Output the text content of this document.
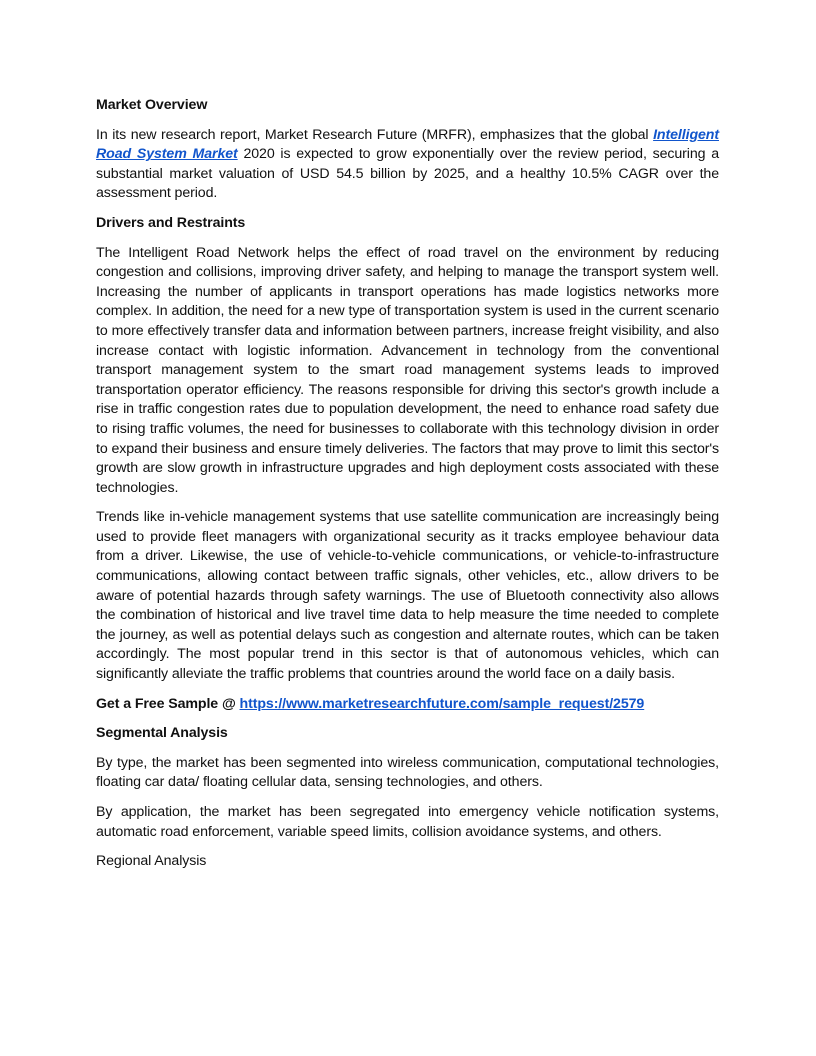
Market Overview

In its new research report, Market Research Future (MRFR), emphasizes that the global Intelligent Road System Market 2020 is expected to grow exponentially over the review period, securing a substantial market valuation of USD 54.5 billion by 2025, and a healthy 10.5% CAGR over the assessment period.

Drivers and Restraints

The Intelligent Road Network helps the effect of road travel on the environment by reducing congestion and collisions, improving driver safety, and helping to manage the transport system well. Increasing the number of applicants in transport operations has made logistics networks more complex. In addition, the need for a new type of transportation system is used in the current scenario to more effectively transfer data and information between partners, increase freight visibility, and also increase contact with logistic information. Advancement in technology from the conventional transport management system to the smart road management systems leads to improved transportation operator efficiency. The reasons responsible for driving this sector's growth include a rise in traffic congestion rates due to population development, the need to enhance road safety due to rising traffic volumes, the need for businesses to collaborate with this technology division in order to expand their business and ensure timely deliveries. The factors that may prove to limit this sector's growth are slow growth in infrastructure upgrades and high deployment costs associated with these technologies.

Trends like in-vehicle management systems that use satellite communication are increasingly being used to provide fleet managers with organizational security as it tracks employee behaviour data from a driver. Likewise, the use of vehicle-to-vehicle communications, or vehicle-to-infrastructure communications, allowing contact between traffic signals, other vehicles, etc., allow drivers to be aware of potential hazards through safety warnings. The use of Bluetooth connectivity also allows the combination of historical and live travel time data to help measure the time needed to complete the journey, as well as potential delays such as congestion and alternate routes, which can be taken accordingly. The most popular trend in this sector is that of autonomous vehicles, which can significantly alleviate the traffic problems that countries around the world face on a daily basis.

Get a Free Sample @ https://www.marketresearchfuture.com/sample_request/2579
Segmental Analysis

By type, the market has been segmented into wireless communication, computational technologies, floating car data/ floating cellular data, sensing technologies, and others.

By application, the market has been segregated into emergency vehicle notification systems, automatic road enforcement, variable speed limits, collision avoidance systems, and others.

Regional Analysis
